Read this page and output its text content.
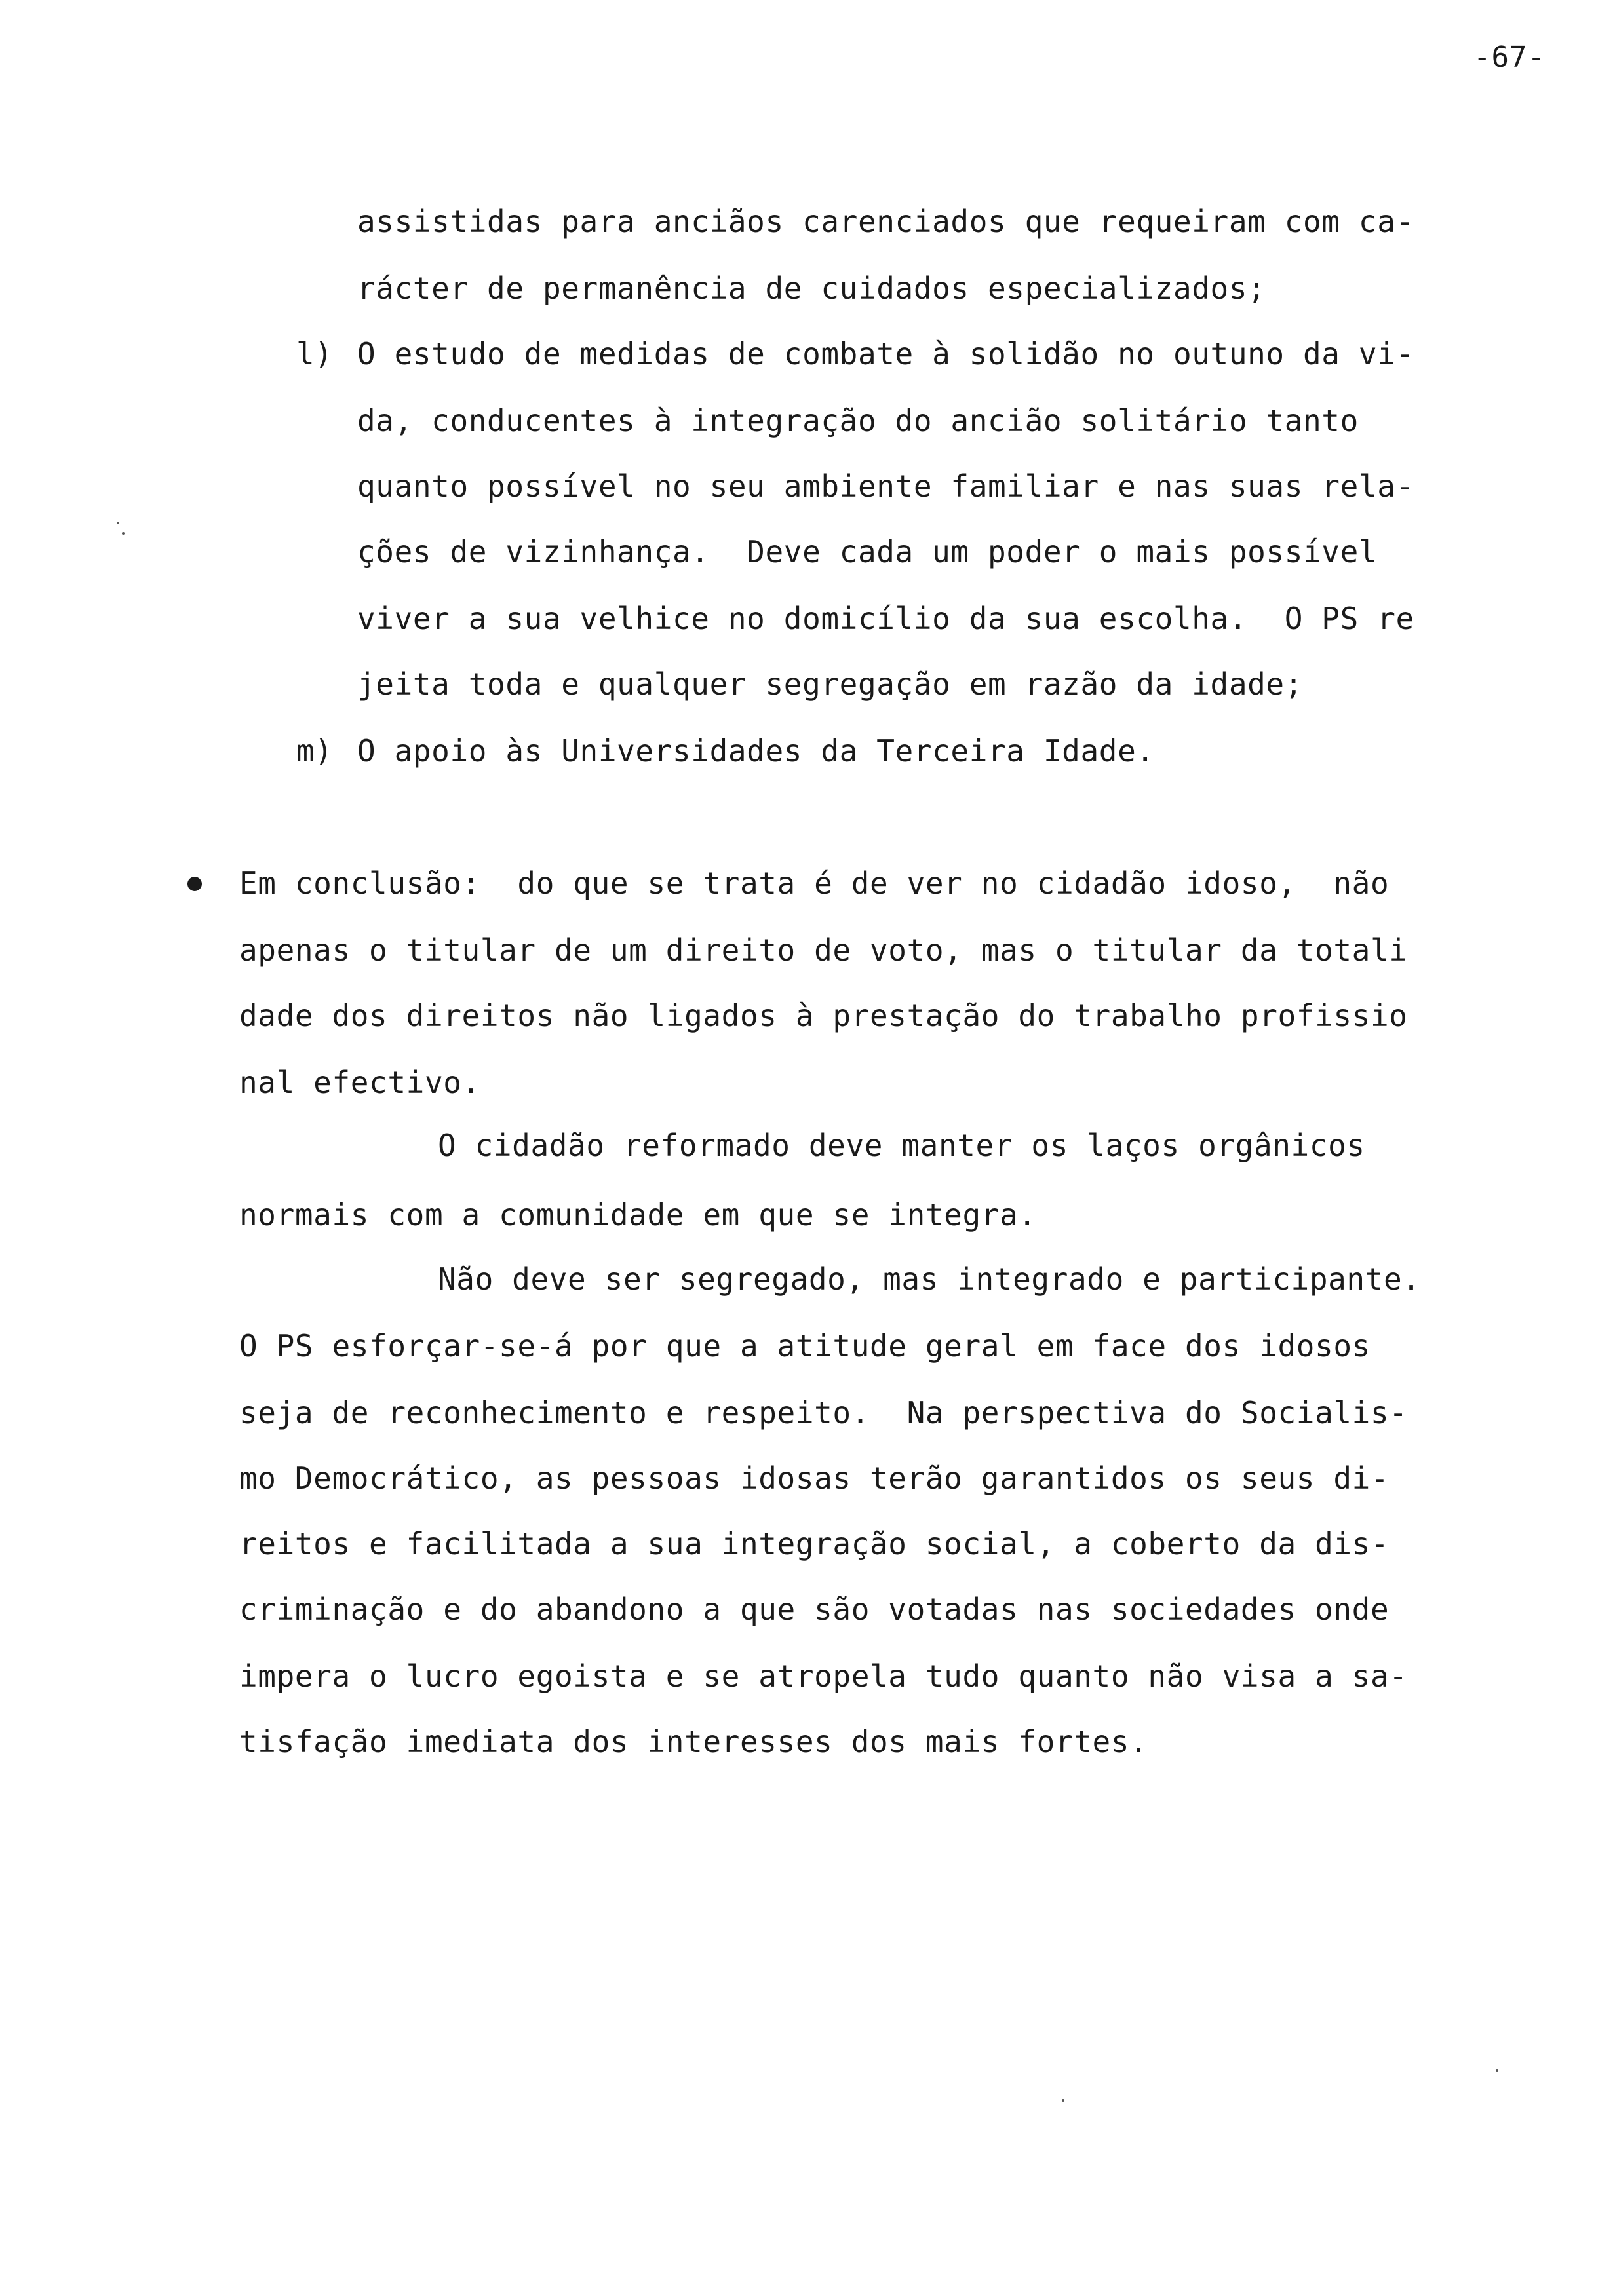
-67-
assistidas para anciãos carenciados que requeiram com ca-
rácter de permanência de cuidados especializados;
l) O estudo de medidas de combate à solidão no outuno da vi-
da, conducentes à integração do ancião solitário tanto
quanto possível no seu ambiente familiar e nas suas rela-
ções de vizinhança.  Deve cada um poder o mais possível
viver a sua velhice no domicílio da sua escolha.  O PS re
jeita toda e qualquer segregação em razão da idade;
m) O apoio às Universidades da Terceira Idade.
Em conclusão:  do que se trata é de ver no cidadão idoso,  não
apenas o titular de um direito de voto, mas o titular da totali
dade dos direitos não ligados à prestação do trabalho profissio
nal efectivo.
O cidadão reformado deve manter os laços orgânicos
normais com a comunidade em que se integra.
Não deve ser segregado, mas integrado e participante.
O PS esforçar-se-á por que a atitude geral em face dos idosos
seja de reconhecimento e respeito.  Na perspectiva do Socialis-
mo Democrático, as pessoas idosas terão garantidos os seus di-
reitos e facilitada a sua integração social, a coberto da dis-
criminação e do abandono a que são votadas nas sociedades onde
impera o lucro egoista e se atropela tudo quanto não visa a sa-
tisfação imediata dos interesses dos mais fortes.
